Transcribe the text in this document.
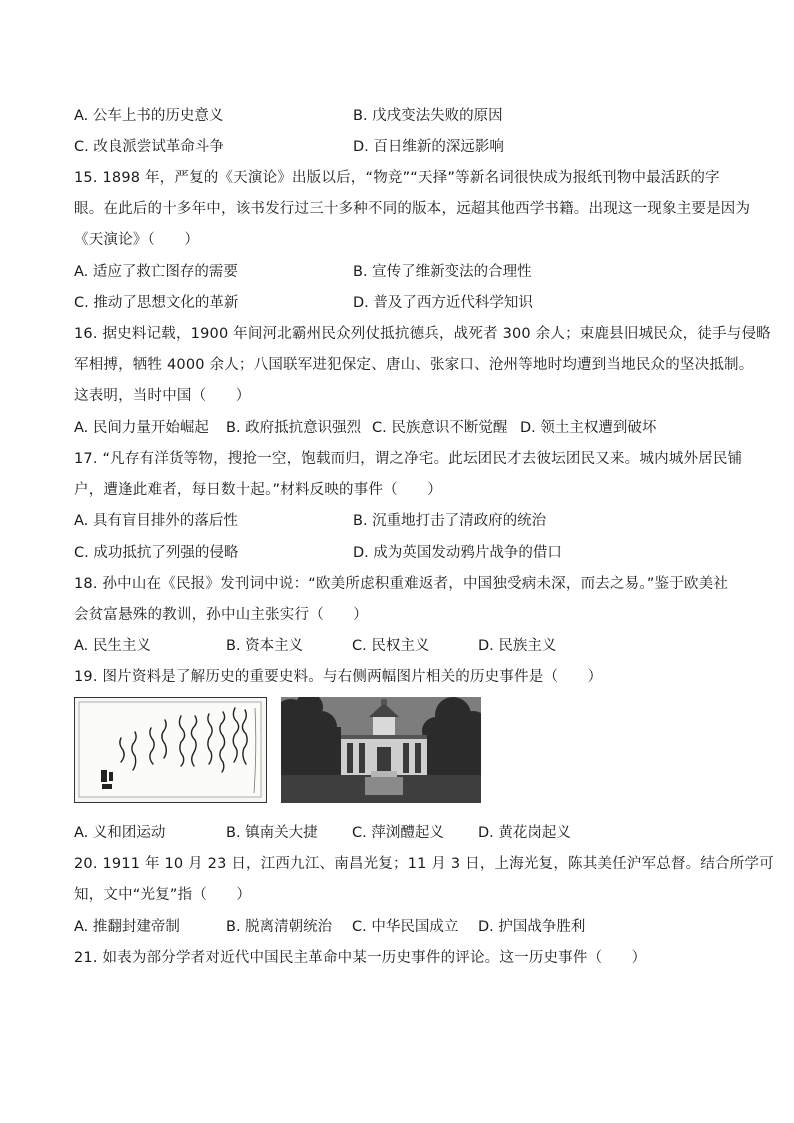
A. 公车上书的历史意义	B. 戊戌变法失败的原因
C. 改良派尝试革命斗争	D. 百日维新的深远影响
15. 1898 年，严复的《天演论》出版以后，“物竞”“天择”等新名词很快成为报纸刊物中最活跃的字
眼。在此后的十多年中，该书发行过三十多种不同的版本，远超其他西学书籍。出现这一现象主要是因为
《天演论》（　　）
A. 适应了救亡图存的需要	B. 宣传了维新变法的合理性
C. 推动了思想文化的革新	D. 普及了西方近代科学知识
16. 据史料记载，1900 年间河北霸州民众列仗抵抗德兵，战死者 300 余人；束鹿县旧城民众，徒手与侵略
军相搏，牺牲 4000 余人；八国联军进犯保定、唐山、张家口、沧州等地时均遭到当地民众的坚决抵制。
这表明，当时中国（　　）
A. 民间力量开始崛起 B. 政府抵抗意识强烈 C. 民族意识不断觉醒 D. 领土主权遭到破坏
17. “凡存有洋货等物，搜抢一空，饱载而归，谓之净宅。此坛团民才去彼坛团民又来。城内城外居民铺
户，遭逢此难者，每日数十起。”材料反映的事件（　　）
A. 具有盲目排外的落后性	B. 沉重地打击了清政府的统治
C. 成功抵抗了列强的侵略	D. 成为英国发动鸦片战争的借口
18. 孙中山在《民报》发刊词中说：“欧美所虑积重难返者，中国独受病未深，而去之易。”鉴于欧美社
会贫富悬殊的教训，孙中山主张实行（　　）
A. 民生主义	B. 资本主义	C. 民权主义	D. 民族主义
19. 图片资料是了解历史的重要史料。与右侧两幅图片相关的历史事件是（　　）
A. 义和团运动	B. 镇南关大捷 C. 萍浏醴起义 D. 黄花岗起义
20. 1911 年 10 月 23 日，江西九江、南昌光复；11 月 3 日，上海光复，陈其美任沪军总督。结合所学可
知，文中“光复”指（　　）
A. 推翻封建帝制	B. 脱离清朝统治 C. 中华民国成立 D. 护国战争胜利
21. 如表为部分学者对近代中国民主革命中某一历史事件的评论。这一历史事件（　　）
